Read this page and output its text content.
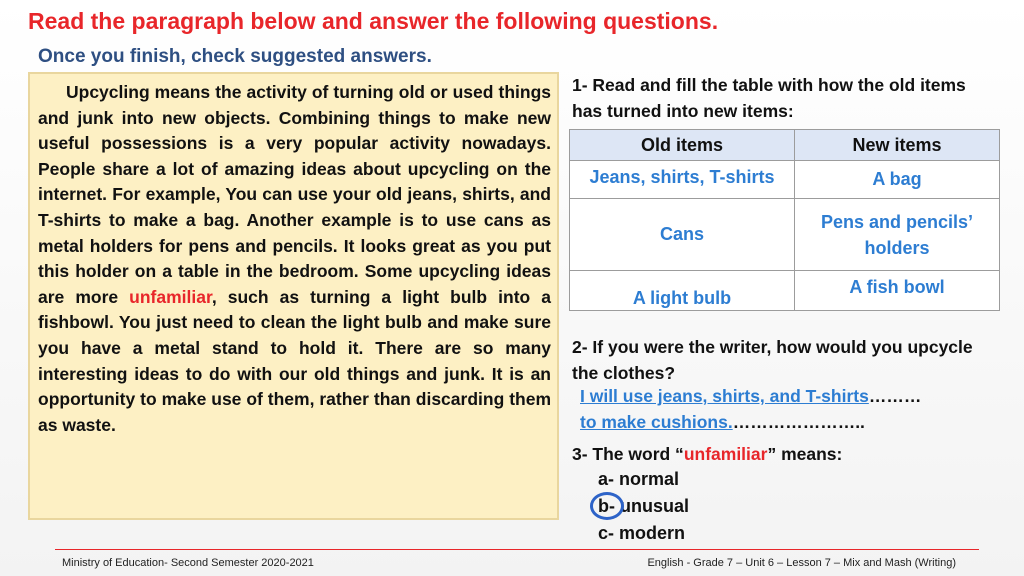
Read the paragraph below and answer the following questions.
Once you finish, check suggested answers.

Upcycling means the activity of turning old or used things and junk into new objects. Combining things to make new useful possessions is a very popular activity nowadays. People share a lot of amazing ideas about upcycling on the internet. For example, You can use your old jeans, shirts, and T-shirts to make a bag. Another example is to use cans as metal holders for pens and pencils. It looks great as you put this holder on a table in the bedroom. Some upcycling ideas are more unfamiliar, such as turning a light bulb into a fishbowl. You just need to clean the light bulb and make sure you have a metal stand to hold it. There are so many interesting ideas to do with our old things and junk. It is an opportunity to make use of them, rather than discarding them as waste.

1- Read and fill the table with how the old items has turned into new items:
Old items	New items
Jeans, shirts, T-shirts	A bag
Cans	Pens and pencils’ holders
A light bulb	A fish bowl
2- If you were the writer, how would you upcycle the clothes?
I will use jeans, shirts, and T-shirts………
to make cushions.…………………..
3- The word “unfamiliar” means:
a- normal
b- unusual
c- modern
Ministry of Education- Second Semester 2020-2021	English - Grade 7 – Unit 6 – Lesson 7 – Mix and Mash (Writing)
